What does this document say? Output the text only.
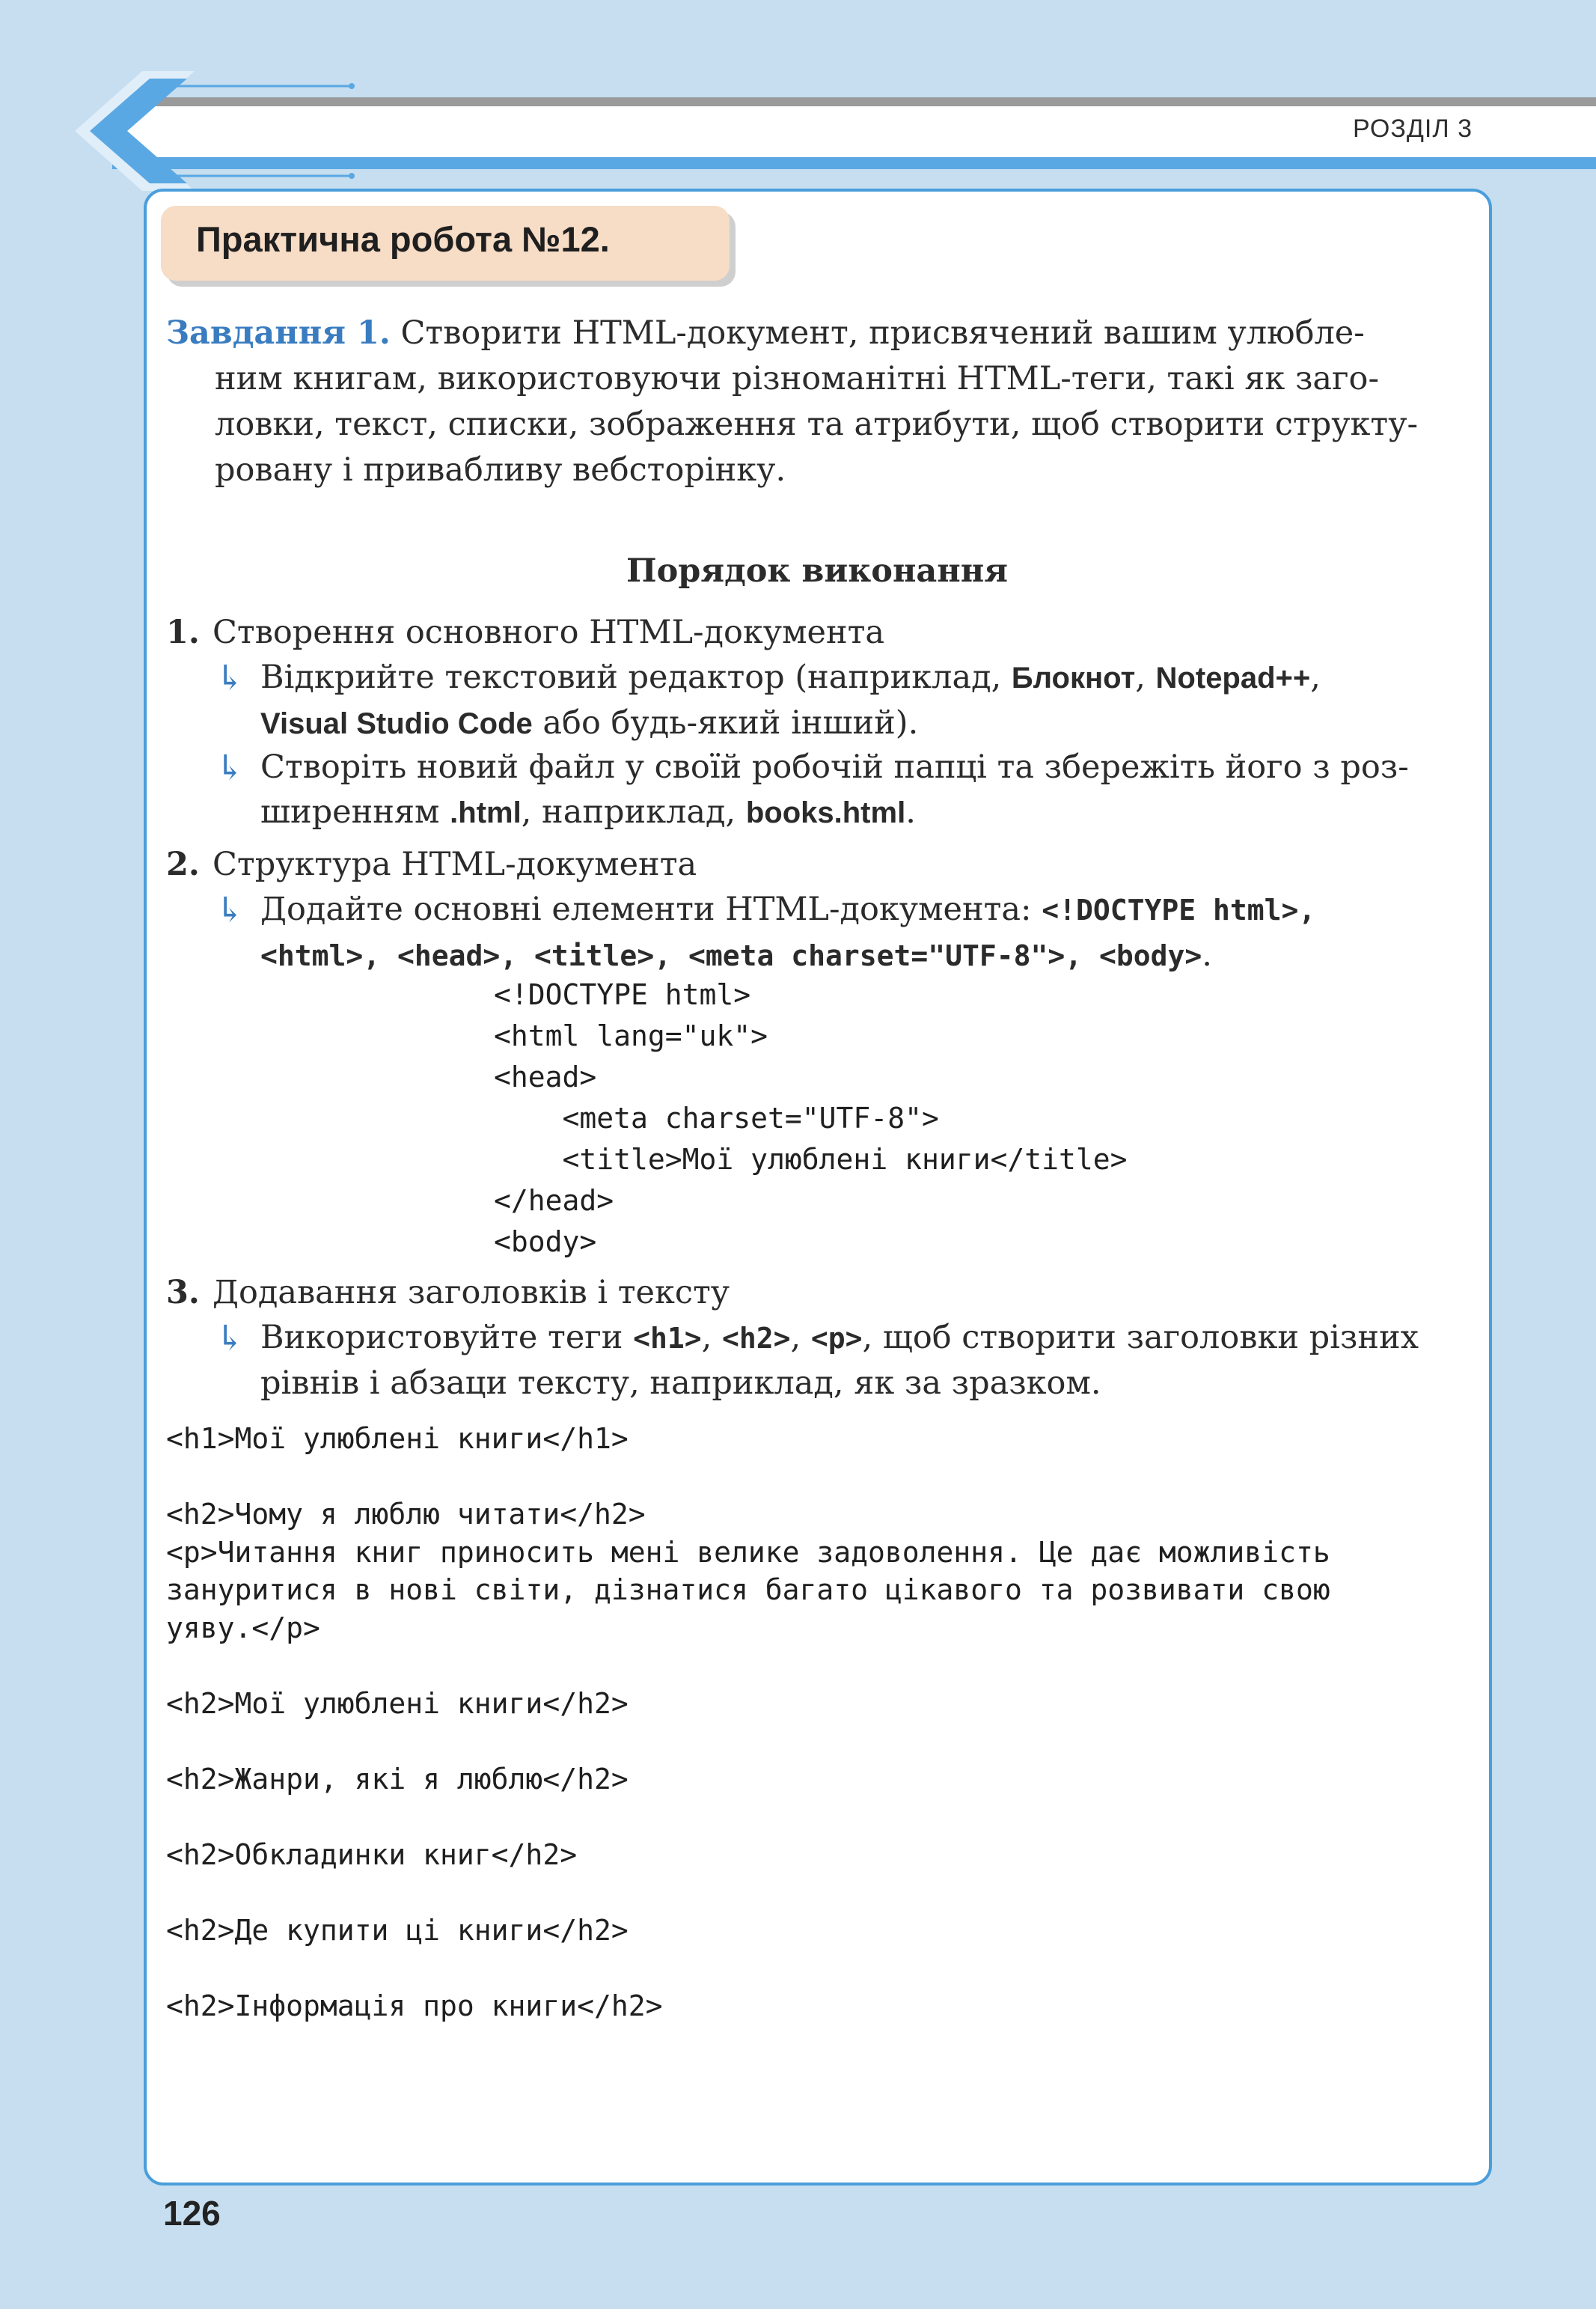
РОЗДІЛ 3
Практична робота №12.
Завдання 1. Створити HTML-документ, присвячений вашим улюбле-
ним книгам, використовуючи різноманітні HTML-теги, такі як заго-
ловки, текст, списки, зображення та атрибути, щоб створити структу-
ровану і привабливу вебсторінку.
Порядок виконання
1. Створення основного HTML-документа
↳ Відкрийте текстовий редактор (наприклад, Блокнот, Notepad++,
Visual Studio Code або будь-який інший).
↳ Створіть новий файл у своїй робочій папці та збережіть його з роз-
ширенням .html, наприклад, books.html.
2. Структура HTML-документа
↳ Додайте основні елементи HTML-документа: <!DOCTYPE html>,
<html>, <head>, <title>, <meta charset="UTF-8">, <body>.
<!DOCTYPE html>
<html lang="uk">
<head>
<meta charset="UTF-8">
<title>Мої улюблені книги</title>
</head>
<body>
3. Додавання заголовків і тексту
↳ Використовуйте теги <h1>, <h2>, <p>, щоб створити заголовки різних
рівнів і абзаци тексту, наприклад, як за зразком.
<h1>Мої улюблені книги</h1>

<h2>Чому я люблю читати</h2>
<p>Читання книг приносить мені велике задоволення. Це дає можливість
зануритися в нові світи, дізнатися багато цікавого та розвивати свою
уяву.</p>

<h2>Мої улюблені книги</h2>

<h2>Жанри, які я люблю</h2>

<h2>Обкладинки книг</h2>

<h2>Де купити ці книги</h2>

<h2>Інформація про книги</h2>
126
